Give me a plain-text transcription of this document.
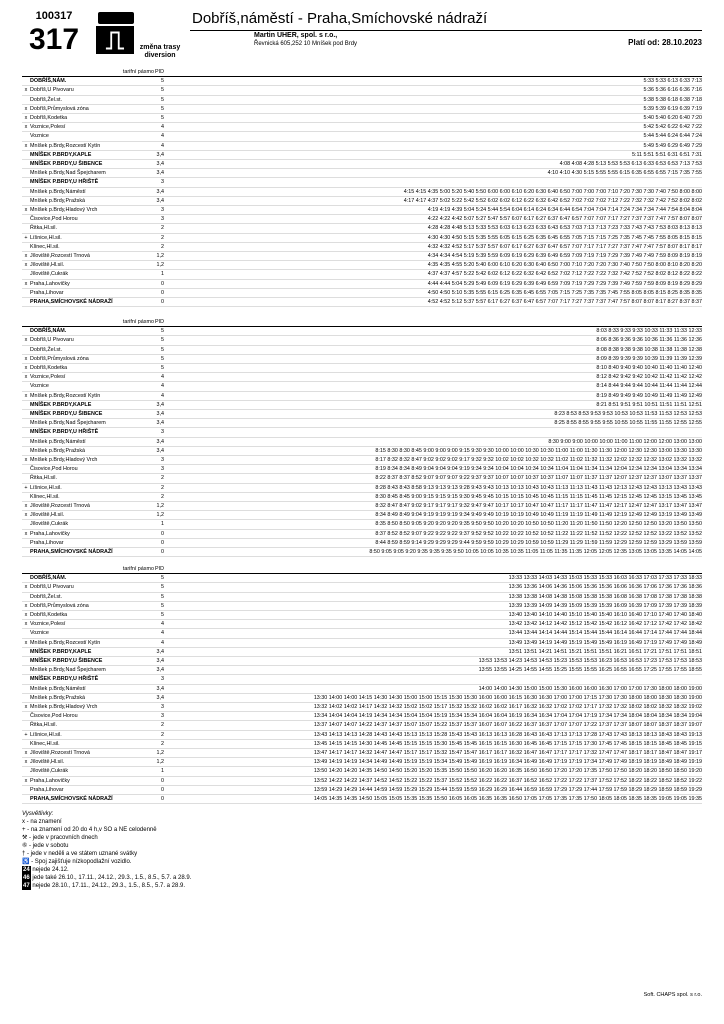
100317
317	⎍	změna trasy diversion
Dobříš,náměstí - Praha,Smíchovské nádraží
Martin UHER, spol. s r.o.,
Řevnická 605,252 10 Mníšek pod Brdy	Platí od: 28.10.2023
	tarifní pásmo	PID	
	DOBŘÍŠ,NÁM.	5	5:33 5:33 6:13 6:33 7:13
x	Dobříš,U Pivovaru	5	5:36 5:36 6:16 6:36 7:16
	Dobříš,Žel.st.	5	5:38 5:38 6:18 6:38 7:18
x	Dobříš,Průmyslová zóna	5	5:39 5:39 6:19 6:39 7:19
x	Dobříš,Kodetka	5	5:40 5:40 6:20 6:40 7:20
x	Voznice,Polesí	4	5:42 5:42 6:22 6:42 7:22
	Voznice	4	5:44 5:44 6:24 6:44 7:24
x	Mníšek p.Brdy,Rozcestí Kytín	4	5:49 5:49 6:29 6:49 7:29
	MNÍŠEK P.BRDY,KAPLE	3,4	5:11 5:51 5:51 6:31 6:51 7:31
	MNÍŠEK P.BRDY,U ŠIBENCE	3,4	4:08 4:08 4:28 5:13 5:53 5:53 6:13 6:33 6:53 6:53 7:13 7:53
	Mníšek p.Brdy,Nad Špejcharem	3,4	4:10 4:10 4:30 5:15 5:55 5:55 6:15 6:35 6:55 6:55 7:15 7:35 7:55
	MNÍŠEK P.BRDY,U HŘIŠTĚ	3	
	Mníšek p.Brdy,Náměstí	3,4	4:15 4:15 4:35 5:00 5:20 5:40 5:50 6:00 6:00 6:10 6:20 6:30 6:40 6:50 7:00 7:00 7:00 7:10 7:20 7:30 7:30 7:40 7:50 8:00 8:00
	Mníšek p.Brdy,Pražská	3,4	4:17 4:17 4:37 5:02 5:22 5:42 5:52 6:02 6:02 6:12 6:22 6:32 6:42 6:52 7:02 7:02 7:02 7:12 7:22 7:32 7:32 7:42 7:52 8:02 8:02
x	Mníšek p.Brdy,Hladový Vrch	3	4:19 4:19 4:39 5:04 5:24 5:44 5:54 6:04 6:14 6:24 6:34 6:44 6:54 7:04 7:04 7:14 7:24 7:34 7:34 7:44 7:54 8:04 8:04
	Čisovice,Pod Horou	3	4:22 4:22 4:42 5:07 5:27 5:47 5:57 6:07 6:17 6:27 6:37 6:47 6:57 7:07 7:07 7:17 7:27 7:37 7:37 7:47 7:57 8:07 8:07
	Řitka,Hl.sil.	2	4:28 4:28 4:48 5:13 5:33 5:53 6:03 6:13 6:23 6:33 6:43 6:53 7:03 7:13 7:13 7:23 7:33 7:43 7:43 7:53 8:03 8:13 8:13
+	Líšnice,Hl.sil.	2	4:30 4:30 4:50 5:15 5:35 5:55 6:05 6:15 6:25 6:35 6:45 6:55 7:05 7:15 7:15 7:25 7:35 7:45 7:45 7:55 8:05 8:15 8:15
	Klínec,Hl.sil.	2	4:32 4:32 4:52 5:17 5:37 5:57 6:07 6:17 6:27 6:37 6:47 6:57 7:07 7:17 7:17 7:27 7:37 7:47 7:47 7:57 8:07 8:17 8:17
x	Jíloviště,Rozcestí Trnová	1,2	4:34 4:34 4:54 5:19 5:39 5:59 6:09 6:19 6:29 6:39 6:49 6:59 7:09 7:19 7:19 7:29 7:39 7:49 7:49 7:59 8:09 8:19 8:19
x	Jíloviště,Hl.sil.	1,2	4:35 4:35 4:55 5:20 5:40 6:00 6:10 6:20 6:30 6:40 6:50 7:00 7:10 7:20 7:20 7:30 7:40 7:50 7:50 8:00 8:10 8:20 8:20
	Jíloviště,Cukrák	1	4:37 4:37 4:57 5:22 5:42 6:02 6:12 6:22 6:32 6:42 6:52 7:02 7:12 7:22 7:22 7:32 7:42 7:52 7:52 8:02 8:12 8:22 8:22
x	Praha,Lahovičky	0	4:44 4:44 5:04 5:29 5:49 6:09 6:19 6:29 6:39 6:49 6:59 7:09 7:19 7:29 7:29 7:39 7:49 7:59 7:59 8:09 8:19 8:29 8:29
	Praha,Lihovar	0	4:50 4:50 5:10 5:35 5:55 6:15 6:25 6:35 6:45 6:55 7:05 7:15 7:25 7:35 7:35 7:45 7:55 8:05 8:05 8:15 8:25 8:35 8:35
	PRAHA,SMÍCHOVSKÉ NÁDRAŽÍ	0	4:52 4:52 5:12 5:37 5:57 6:17 6:27 6:37 6:47 6:57 7:07 7:17 7:27 7:37 7:37 7:47 7:57 8:07 8:07 8:17 8:27 8:37 8:37
	tarifní pásmo	PID	
	DOBŘÍŠ,NÁM.	5	8:03 8:33 9:33 9:33 10:33 11:33 11:33 12:33
x	Dobříš,U Pivovaru	5	8:06 8:36 9:36 9:36 10:36 11:36 11:36 12:36
	Dobříš,Žel.st.	5	8:08 8:38 9:38 9:38 10:38 11:38 11:38 12:38
x	Dobříš,Průmyslová zóna	5	8:09 8:39 9:39 9:39 10:39 11:39 11:39 12:39
x	Dobříš,Kodetka	5	8:10 8:40 9:40 9:40 10:40 11:40 11:40 12:40
x	Voznice,Polesí	4	8:12 8:42 9:42 9:42 10:42 11:42 11:42 12:42
	Voznice	4	8:14 8:44 9:44 9:44 10:44 11:44 11:44 12:44
x	Mníšek p.Brdy,Rozcestí Kytín	4	8:19 8:49 9:49 9:49 10:49 11:49 11:49 12:49
	MNÍŠEK P.BRDY,KAPLE	3,4	8:21 8:51 9:51 9:51 10:51 11:51 11:51 12:51
	MNÍŠEK P.BRDY,U ŠIBENCE	3,4	8:23 8:53 8:53 9:53 9:53 10:53 10:53 11:53 11:53 12:53 12:53
	Mníšek p.Brdy,Nad Špejcharem	3,4	8:25 8:55 8:55 9:55 9:55 10:55 10:55 11:55 11:55 12:55 12:55
	MNÍŠEK P.BRDY,U HŘIŠTĚ	3	
	Mníšek p.Brdy,Náměstí	3,4	8:30 9:00 9:00 10:00 10:00 11:00 11:00 12:00 12:00 13:00 13:00
	Mníšek p.Brdy,Pražská	3,4	8:15 8:30 8:30 8:45 9:00 9:00 9:00 9:15 9:30 9:30 10:00 10:00 10:30 10:30 11:00 11:00 11:30 11:30 12:00 12:30 12:30 13:00 13:30 13:30
x	Mníšek p.Brdy,Hladový Vrch	3	8:17 8:32 8:32 8:47 9:02 9:02 9:02 9:17 9:32 9:32 10:02 10:02 10:32 10:32 11:02 11:02 11:32 11:32 12:02 12:32 12:32 13:02 13:32 13:32
	Čisovice,Pod Horou	3	8:19 8:34 8:34 8:49 9:04 9:04 9:04 9:19 9:34 9:34 10:04 10:04 10:34 10:34 11:04 11:04 11:34 11:34 12:04 12:34 12:34 13:04 13:34 13:34
	Řitka,Hl.sil.	2	8:22 8:37 8:37 8:52 9:07 9:07 9:07 9:22 9:37 9:37 10:07 10:07 10:37 10:37 11:07 11:07 11:37 11:37 12:07 12:37 12:37 13:07 13:37 13:37
+	Líšnice,Hl.sil.	2	8:28 8:43 8:43 8:58 9:13 9:13 9:13 9:28 9:43 9:43 10:13 10:13 10:43 10:43 11:13 11:13 11:43 11:43 12:13 12:43 12:43 13:13 13:43 13:43
	Klínec,Hl.sil.	2	8:30 8:45 8:45 9:00 9:15 9:15 9:15 9:30 9:45 9:45 10:15 10:15 10:45 10:45 11:15 11:15 11:45 11:45 12:15 12:45 12:45 13:15 13:45 13:45
x	Jíloviště,Rozcestí Trnová	1,2	8:32 8:47 8:47 9:02 9:17 9:17 9:17 9:32 9:47 9:47 10:17 10:17 10:47 10:47 11:17 11:17 11:47 11:47 12:17 12:47 12:47 13:17 13:47 13:47
x	Jíloviště,Hl.sil.	1,2	8:34 8:49 8:49 9:04 9:19 9:19 9:19 9:34 9:49 9:49 10:19 10:19 10:49 10:49 11:19 11:19 11:49 11:49 12:19 12:49 12:49 13:19 13:49 13:49
	Jíloviště,Cukrák	1	8:35 8:50 8:50 9:05 9:20 9:20 9:20 9:35 9:50 9:50 10:20 10:20 10:50 10:50 11:20 11:20 11:50 11:50 12:20 12:50 12:50 13:20 13:50 13:50
x	Praha,Lahovičky	0	8:37 8:52 8:52 9:07 9:22 9:22 9:22 9:37 9:52 9:52 10:22 10:22 10:52 10:52 11:22 11:22 11:52 11:52 12:22 12:52 12:52 13:22 13:52 13:52
	Praha,Lihovar	0	8:44 8:59 8:59 9:14 9:29 9:29 9:29 9:44 9:59 9:59 10:29 10:29 10:59 10:59 11:29 11:29 11:59 11:59 12:29 12:59 12:59 13:29 13:59 13:59
	PRAHA,SMÍCHOVSKÉ NÁDRAŽÍ	0	8:50 9:05 9:05 9:20 9:35 9:35 9:35 9:50 10:05 10:05 10:35 10:35 11:05 11:05 11:35 11:35 12:05 12:05 12:35 13:05 13:05 13:35 14:05 14:05
	tarifní pásmo	PID	
	DOBŘÍŠ,NÁM.	5	13:33 13:33 14:03 14:33 15:03 15:33 15:33 16:03 16:33 17:03 17:33 17:33 18:33
x	Dobříš,U Pivovaru	5	13:36 13:36 14:06 14:36 15:06 15:36 15:36 16:06 16:36 17:06 17:36 17:36 18:36
	Dobříš,Žel.st.	5	13:38 13:38 14:08 14:38 15:08 15:38 15:38 16:08 16:38 17:08 17:38 17:38 18:38
x	Dobříš,Průmyslová zóna	5	13:39 13:39 14:09 14:39 15:09 15:39 15:39 16:09 16:39 17:09 17:39 17:39 18:39
x	Dobříš,Kodetka	5	13:40 13:40 14:10 14:40 15:10 15:40 15:40 16:10 16:40 17:10 17:40 17:40 18:40
x	Voznice,Polesí	4	13:42 13:42 14:12 14:42 15:12 15:42 15:42 16:12 16:42 17:12 17:42 17:42 18:42
	Voznice	4	13:44 13:44 14:14 14:44 15:14 15:44 15:44 16:14 16:44 17:14 17:44 17:44 18:44
x	Mníšek p.Brdy,Rozcestí Kytín	4	13:49 13:49 14:19 14:49 15:19 15:49 15:49 16:19 16:49 17:19 17:49 17:49 18:49
	MNÍŠEK P.BRDY,KAPLE	3,4	13:51 13:51 14:21 14:51 15:21 15:51 15:51 16:21 16:51 17:21 17:51 17:51 18:51
	MNÍŠEK P.BRDY,U ŠIBENCE	3,4	13:53 13:53 14:23 14:53 14:53 15:23 15:53 15:53 16:23 16:53 16:53 17:23 17:53 17:53 18:53
	Mníšek p.Brdy,Nad Špejcharem	3,4	13:55 13:55 14:25 14:55 14:55 15:25 15:55 15:55 16:25 16:55 16:55 17:25 17:55 17:55 18:55
	MNÍŠEK P.BRDY,U HŘIŠTĚ	3	
	Mníšek p.Brdy,Náměstí	3,4	14:00 14:00 14:30 15:00 15:00 15:30 16:00 16:00 16:30 17:00 17:00 17:30 18:00 18:00 19:00
	Mníšek p.Brdy,Pražská	3,4	13:30 14:00 14:00 14:15 14:30 14:30 15:00 15:00 15:15 15:30 15:30 16:00 16:00 16:15 16:30 16:30 17:00 17:00 17:15 17:30 17:30 18:00 18:00 18:30 18:30 19:00
x	Mníšek p.Brdy,Hladový Vrch	3	13:32 14:02 14:02 14:17 14:32 14:32 15:02 15:02 15:17 15:32 15:32 16:02 16:02 16:17 16:32 16:32 17:02 17:02 17:17 17:32 17:32 18:02 18:02 18:32 18:32 19:02
	Čisovice,Pod Horou	3	13:34 14:04 14:04 14:19 14:34 14:34 15:04 15:04 15:19 15:34 15:34 16:04 16:04 16:19 16:34 16:34 17:04 17:04 17:19 17:34 17:34 18:04 18:04 18:34 18:34 19:04
	Řitka,Hl.sil.	2	13:37 14:07 14:07 14:22 14:37 14:37 15:07 15:07 15:22 15:37 15:37 16:07 16:07 16:22 16:37 16:37 17:07 17:07 17:22 17:37 17:37 18:07 18:07 18:37 18:37 19:07
+	Líšnice,Hl.sil.	2	13:43 14:13 14:13 14:28 14:43 14:43 15:13 15:13 15:28 15:43 15:43 16:13 16:13 16:28 16:43 16:43 17:13 17:13 17:28 17:43 17:43 18:13 18:13 18:43 18:43 19:13
	Klínec,Hl.sil.	2	13:45 14:15 14:15 14:30 14:45 14:45 15:15 15:15 15:30 15:45 15:45 16:15 16:15 16:30 16:45 16:45 17:15 17:15 17:30 17:45 17:45 18:15 18:15 18:45 18:45 19:15
x	Jíloviště,Rozcestí Trnová	1,2	13:47 14:17 14:17 14:32 14:47 14:47 15:17 15:17 15:32 15:47 15:47 16:17 16:17 16:32 16:47 16:47 17:17 17:17 17:32 17:47 17:47 18:17 18:17 18:47 18:47 19:17
x	Jíloviště,Hl.sil.	1,2	13:49 14:19 14:19 14:34 14:49 14:49 15:19 15:19 15:34 15:49 15:49 16:19 16:19 16:34 16:49 16:49 17:19 17:19 17:34 17:49 17:49 18:19 18:19 18:49 18:49 19:19
	Jíloviště,Cukrák	1	13:50 14:20 14:20 14:35 14:50 14:50 15:20 15:20 15:35 15:50 15:50 16:20 16:20 16:35 16:50 16:50 17:20 17:20 17:35 17:50 17:50 18:20 18:20 18:50 18:50 19:20
x	Praha,Lahovičky	0	13:52 14:22 14:22 14:37 14:52 14:52 15:22 15:22 15:37 15:52 15:52 16:22 16:22 16:37 16:52 16:52 17:22 17:22 17:37 17:52 17:52 18:22 18:22 18:52 18:52 19:22
	Praha,Lihovar	0	13:59 14:29 14:29 14:44 14:59 14:59 15:29 15:29 15:44 15:59 15:59 16:29 16:29 16:44 16:59 16:59 17:29 17:29 17:44 17:59 17:59 18:29 18:29 18:59 18:59 19:29
	PRAHA,SMÍCHOVSKÉ NÁDRAŽÍ	0	14:05 14:35 14:35 14:50 15:05 15:05 15:35 15:35 15:50 16:05 16:05 16:35 16:35 16:50 17:05 17:05 17:35 17:35 17:50 18:05 18:05 18:35 18:35 19:05 19:05 19:35
Vysvětlivky:
x - na znamení
+ - na znamení od 20 do 4 h,v SO a NE celodenně
⚒ - jede v pracovních dnech
⑥ - jede v sobotu
† - jede v neděli a ve státem uznané svátky
♿ - Spoj zajišťuje nízkopodlažní vozidlo.
24 nejede 24.12.
46 jede také 26.10., 17.11., 24.12., 29.3., 1.5., 8.5., 5.7. a 28.9.
47 nejede 28.10., 17.11., 24.12., 29.3., 1.5., 8.5., 5.7. a 28.9.
Soft. CHAPS spol. s r.o.
